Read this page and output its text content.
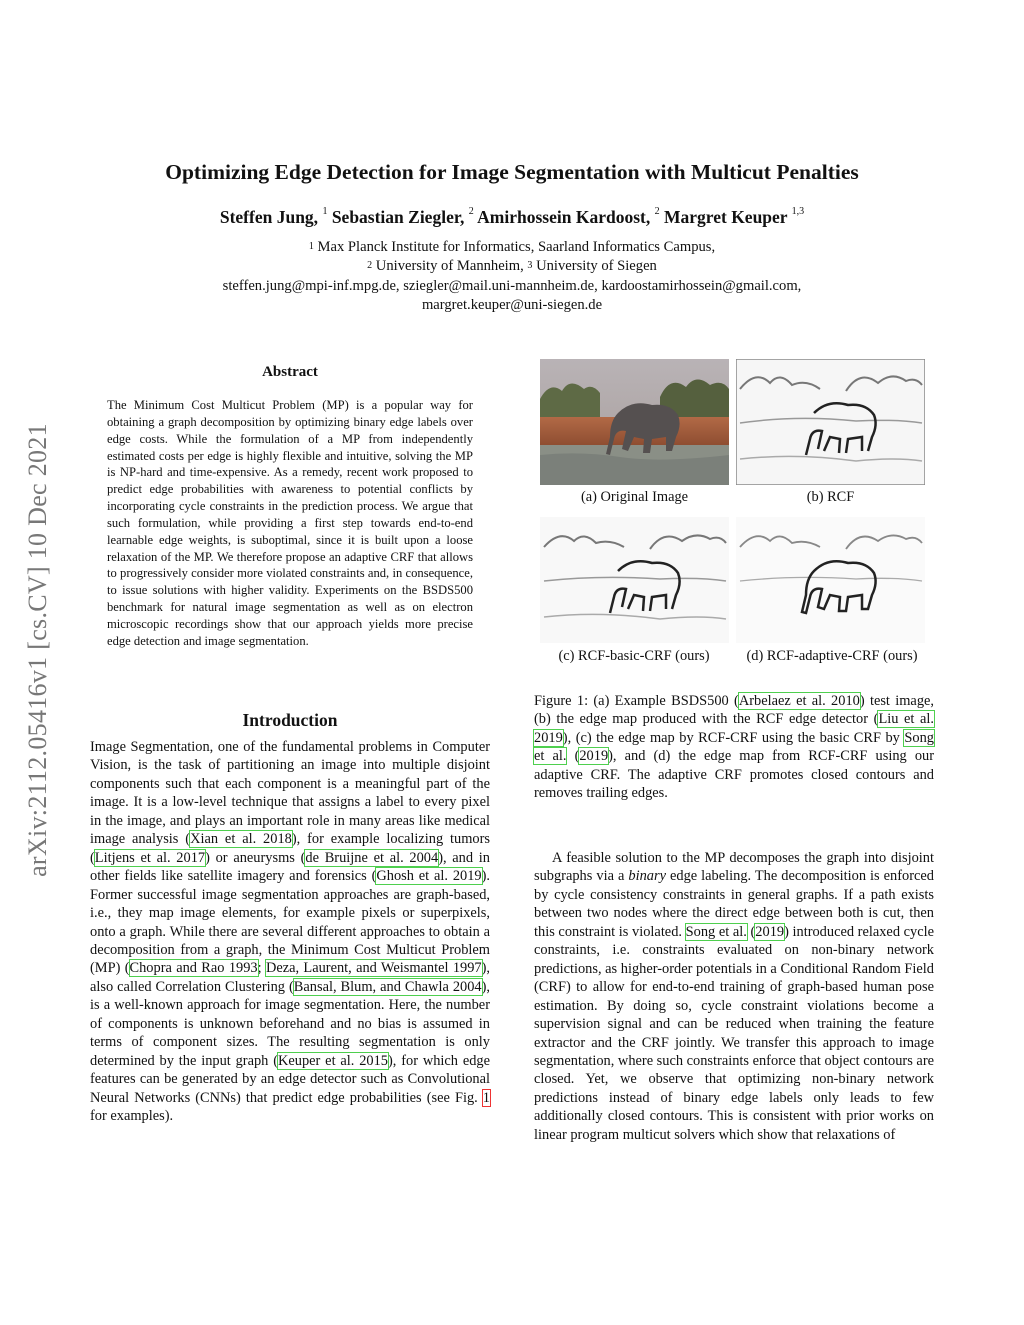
Optimizing Edge Detection for Image Segmentation with Multicut Penalties
Steffen Jung, $^1$ Sebastian Ziegler, $^2$ Amirhossein Kardoost, $^2$ Margret Keuper $^{1,3}$
$^1$ Max Planck Institute for Informatics, Saarland Informatics Campus,
$^2$ University of Mannheim, $^3$ University of Siegen
steffen.jung@mpi-inf.mpg.de, sziegler@mail.uni-mannheim.de, kardoostamirhossein@gmail.com,
margret.keuper@uni-siegen.de
arXiv:2112.05416v1 [cs.CV] 10 Dec 2021
Abstract
The Minimum Cost Multicut Problem (MP) is a popular way for obtaining a graph decomposition by optimizing binary edge labels over edge costs. While the formulation of a MP from independently estimated costs per edge is highly flexible and intuitive, solving the MP is NP-hard and time-expensive. As a remedy, recent work proposed to predict edge probabilities with awareness to potential conflicts by incorporating cycle constraints in the prediction process. We argue that such formulation, while providing a first step towards end-to-end learnable edge weights, is suboptimal, since it is built upon a loose relaxation of the MP. We therefore propose an adaptive CRF that allows to progressively consider more violated constraints and, in consequence, to issue solutions with higher validity. Experiments on the BSDS500 benchmark for natural image segmentation as well as on electron microscopic recordings show that our approach yields more precise edge detection and image segmentation.
Introduction
Image Segmentation, one of the fundamental problems in Computer Vision, is the task of partitioning an image into multiple disjoint components such that each component is a meaningful part of the image. It is a low-level technique that assigns a label to every pixel in the image, and plays an important role in many areas like medical image analysis (Xian et al. 2018), for example localizing tumors (Litjens et al. 2017) or aneurysms (de Bruijne et al. 2004), and in other fields like satellite imagery and forensics (Ghosh et al. 2019). Former successful image segmentation approaches are graph-based, i.e., they map image elements, for example pixels or superpixels, onto a graph. While there are several different approaches to obtain a decomposition from a graph, the Minimum Cost Multicut Problem (MP) (Chopra and Rao 1993; Deza, Laurent, and Weismantel 1997), also called Correlation Clustering (Bansal, Blum, and Chawla 2004), is a well-known approach for image segmentation. Here, the number of components is unknown beforehand and no bias is assumed in terms of component sizes. The resulting segmentation is only determined by the input graph (Keuper et al. 2015), for which edge features can be generated by an edge detector such as Convolutional Neural Networks (CNNs) that predict edge probabilities (see Fig. 1 for examples).
(a) Original Image	(b) RCF
(c) RCF-basic-CRF (ours)	(d) RCF-adaptive-CRF (ours)
Figure 1: (a) Example BSDS500 (Arbelaez et al. 2010) test image, (b) the edge map produced with the RCF edge detector (Liu et al. 2019), (c) the edge map by RCF-CRF using the basic CRF by Song et al. (2019), and (d) the edge map from RCF-CRF using our adaptive CRF. The adaptive CRF promotes closed contours and removes trailing edges.
A feasible solution to the MP decomposes the graph into disjoint subgraphs via a binary edge labeling. The decomposition is enforced by cycle consistency constraints in general graphs. If a path exists between two nodes where the direct edge between both is cut, then this constraint is violated. Song et al. (2019) introduced relaxed cycle constraints, i.e. constraints evaluated on non-binary network predictions, as higher-order potentials in a Conditional Random Field (CRF) to allow for end-to-end training of graph-based human pose estimation. By doing so, cycle constraint violations become a supervision signal and can be reduced when training the feature extractor and the CRF jointly. We transfer this approach to image segmentation, where such constraints enforce that object contours are closed. Yet, we observe that optimizing non-binary network predictions instead of binary edge labels only leads to few additionally closed contours. This is consistent with prior works on linear program multicut solvers which show that relaxations of
